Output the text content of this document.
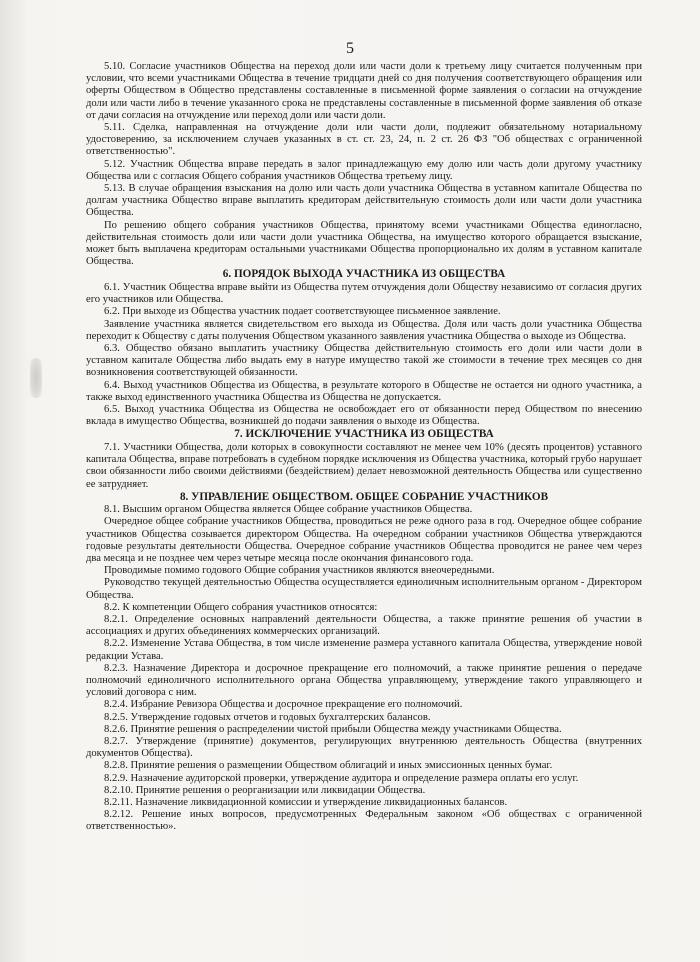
5

5.10. Согласие участников Общества на переход доли или части доли к третьему лицу считается полученным при условии, что всеми участниками Общества в течение тридцати дней со дня получения соответствующего обращения или оферты Обществом в Общество представлены составленные в письменной форме заявления о согласии на отчуждение доли или части либо в течение указанного срока не представлены составленные в письменной форме заявления об отказе от дачи согласия на отчуждение или переход доли или части доли.

5.11. Сделка, направленная на отчуждение доли или части доли, подлежит обязательному нотариальному удостоверению, за исключением случаев указанных в ст. ст. 23, 24, п. 2 ст. 26 ФЗ "Об обществах с ограниченной ответственностью".

5.12. Участник Общества вправе передать в залог принадлежащую ему долю или часть доли другому участнику Общества или с согласия Общего собрания участников Общества третьему лицу.

5.13. В случае обращения взыскания на долю или часть доли участника Общества в уставном капитале Общества по долгам участника Общество вправе выплатить кредиторам действительную стоимость доли или части доли участника Общества.

По решению общего собрания участников Общества, принятому всеми участниками Общества единогласно, действительная стоимость доли или части доли участника Общества, на имущество которого обращается взыскание, может быть выплачена кредиторам остальными участниками Общества пропорционально их долям в уставном капитале Общества.

6. ПОРЯДОК ВЫХОДА УЧАСТНИКА ИЗ ОБЩЕСТВА

6.1. Участник Общества вправе выйти из Общества путем отчуждения доли Обществу независимо от согласия других его участников или Общества.

6.2. При выходе из Общества участник подает соответствующее письменное заявление.

Заявление участника является свидетельством его выхода из Общества. Доля или часть доли участника Общества переходит к Обществу с даты получения Обществом указанного заявления участника Общества о выходе из Общества.

6.3. Общество обязано выплатить участнику Общества действительную стоимость его доли или части доли в уставном капитале Общества либо выдать ему в натуре имущество такой же стоимости в течение трех месяцев со дня возникновения соответствующей обязанности.

6.4. Выход участников Общества из Общества, в результате которого в Обществе не остается ни одного участника, а также выход единственного участника Общества из Общества не допускается.

6.5. Выход участника Общества из Общества не освобождает его от обязанности перед Обществом по внесению вклада в имущество Общества, возникшей до подачи заявления о выходе из Общества.

7. ИСКЛЮЧЕНИЕ УЧАСТНИКА ИЗ ОБЩЕСТВА

7.1. Участники Общества, доли которых в совокупности составляют не менее чем 10% (десять процентов) уставного капитала Общества, вправе потребовать в судебном порядке исключения из Общества участника, который грубо нарушает свои обязанности либо своими действиями (бездействием) делает невозможной деятельность Общества или существенно ее затрудняет.

8. УПРАВЛЕНИЕ ОБЩЕСТВОМ. ОБЩЕЕ СОБРАНИЕ УЧАСТНИКОВ

8.1. Высшим органом Общества является Общее собрание участников Общества.

Очередное общее собрание участников Общества, проводиться не реже одного раза в год. Очередное общее собрание участников Общества созывается директором Общества. На очередном собрании участников Общества утверждаются годовые результаты деятельности Общества. Очередное собрание участников Общества проводится не ранее чем через два месяца и не позднее чем через четыре месяца после окончания финансового года.

Проводимые помимо годового Общие собрания участников являются внеочередными.

Руководство текущей деятельностью Общества осуществляется единоличным исполнительным органом - Директором Общества.

8.2. К компетенции Общего собрания участников относятся:

8.2.1. Определение основных направлений деятельности Общества, а также принятие решения об участии в ассоциациях и других объединениях коммерческих организаций.

8.2.2. Изменение Устава Общества, в том числе изменение размера уставного капитала Общества, утверждение новой редакции Устава.

8.2.3. Назначение Директора и досрочное прекращение его полномочий, а также принятие решения о передаче полномочий единоличного исполнительного органа Общества управляющему, утверждение такого управляющего и условий договора с ним.

8.2.4. Избрание Ревизора Общества и досрочное прекращение его полномочий.

8.2.5. Утверждение годовых отчетов и годовых бухгалтерских балансов.

8.2.6. Принятие решения о распределении чистой прибыли Общества между участниками Общества.

8.2.7. Утверждение (принятие) документов, регулирующих внутреннюю деятельность Общества (внутренних документов Общества).

8.2.8. Принятие решения о размещении Обществом облигаций и иных эмиссионных ценных бумаг.

8.2.9. Назначение аудиторской проверки, утверждение аудитора и определение размера оплаты его услуг.

8.2.10. Принятие решения о реорганизации или ликвидации Общества.

8.2.11. Назначение ликвидационной комиссии и утверждение ликвидационных балансов.

8.2.12. Решение иных вопросов, предусмотренных Федеральным законом «Об обществах с ограниченной ответственностью».
